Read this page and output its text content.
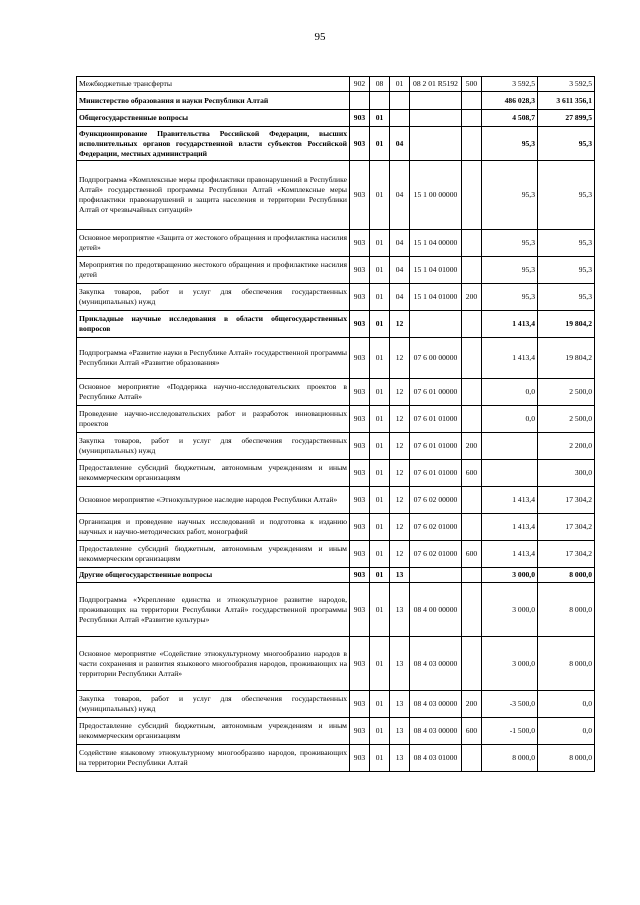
95
Межбюджетные трансферты	902	08	01	08 2 01 R5192	500	3 592,5	3 592,5
Министерство образования и науки Республики Алтай						486 028,3	3 611 356,1
Общегосударственные вопросы	903	01				4 508,7	27 899,5
Функционирование Правительства Российской Федерации, высших исполнительных органов государственной власти субъектов Российской Федерации, местных администраций	903	01	04			95,3	95,3
Подпрограмма «Комплексные меры профилактики правонарушений в Республике Алтай» государственной программы Республики Алтай «Комплексные меры профилактики правонарушений и защита населения и территории Республики Алтай от чрезвычайных ситуаций»	903	01	04	15 1 00 00000		95,3	95,3
Основное мероприятие «Защита от жестокого обращения и профилактика насилия детей»	903	01	04	15 1 04 00000		95,3	95,3
Мероприятия по предотвращению жестокого обращения и профилактике насилия детей	903	01	04	15 1 04 01000		95,3	95,3
Закупка товаров, работ и услуг для обеспечения государственных (муниципальных) нужд	903	01	04	15 1 04 01000	200	95,3	95,3
Прикладные научные исследования в области общегосударственных вопросов	903	01	12			1 413,4	19 804,2
Подпрограмма «Развитие науки в Республике Алтай» государственной программы Республики Алтай «Развитие образования»	903	01	12	07 6 00 00000		1 413,4	19 804,2
Основное мероприятие «Поддержка научно-исследовательских проектов в Республике Алтай»	903	01	12	07 6 01 00000		0,0	2 500,0
Проведение научно-исследовательских работ и разработок инновационных проектов	903	01	12	07 6 01 01000		0,0	2 500,0
Закупка товаров, работ и услуг для обеспечения государственных (муниципальных) нужд	903	01	12	07 6 01 01000	200		2 200,0
Предоставление субсидий бюджетным, автономным учреждениям и иным некоммерческим организациям	903	01	12	07 6 01 01000	600		300,0
Основное мероприятие «Этнокультурное наследие народов Республики Алтай»	903	01	12	07 6 02 00000		1 413,4	17 304,2
Организация и проведение научных исследований и подготовка к изданию научных и научно-методических работ, монографий	903	01	12	07 6 02 01000		1 413,4	17 304,2
Предоставление субсидий бюджетным, автономным учреждениям и иным некоммерческим организациям	903	01	12	07 6 02 01000	600	1 413,4	17 304,2
Другие общегосударственные вопросы	903	01	13			3 000,0	8 000,0
Подпрограмма «Укрепление единства и этнокультурное развитие народов, проживающих на территории Республики Алтай» государственной программы Республики Алтай «Развитие культуры»	903	01	13	08 4 00 00000		3 000,0	8 000,0
Основное мероприятие «Содействие этнокультурному многообразию народов в части сохранения и развития языкового многообразия народов, проживающих на территории Республики Алтай»	903	01	13	08 4 03 00000		3 000,0	8 000,0
Закупка товаров, работ и услуг для обеспечения государственных (муниципальных) нужд	903	01	13	08 4 03 00000	200	-3 500,0	0,0
Предоставление субсидий бюджетным, автономным учреждениям и иным некоммерческим организациям	903	01	13	08 4 03 00000	600	-1 500,0	0,0
Содействие языковому этнокультурному многообразию народов, проживающих на территории Республики Алтай	903	01	13	08 4 03 01000		8 000,0	8 000,0
